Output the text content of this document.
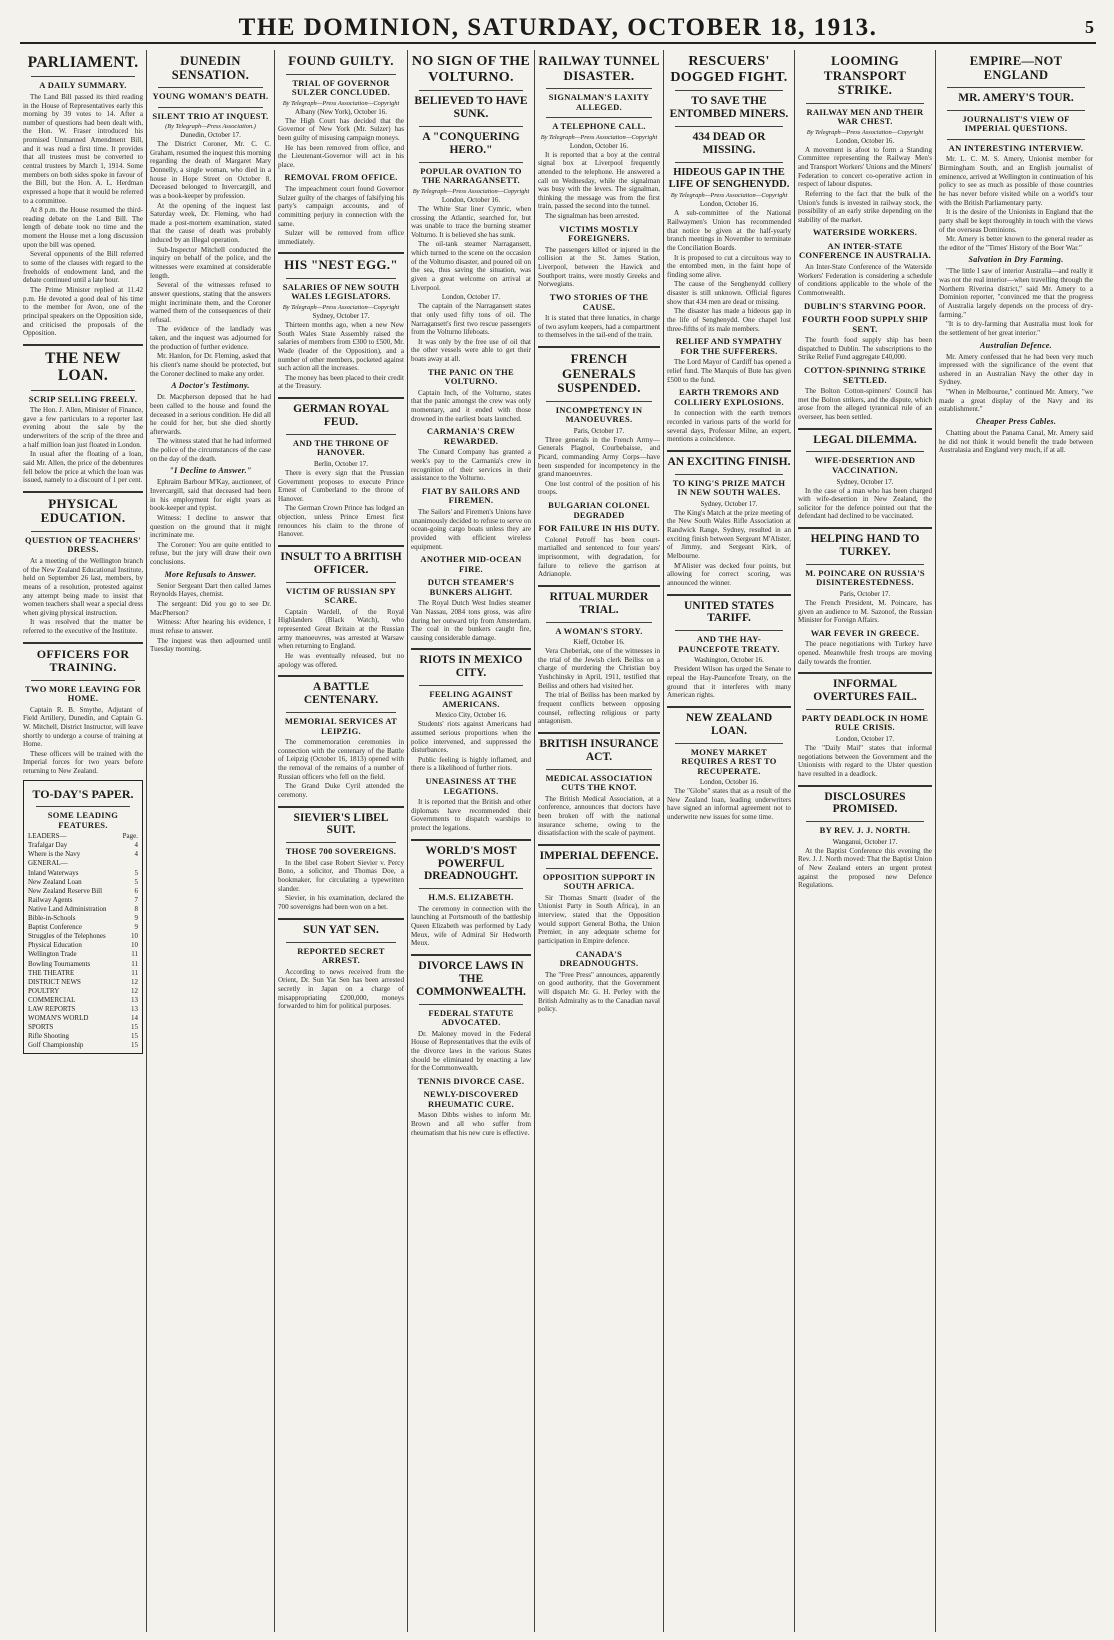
THE DOMINION, SATURDAY, OCTOBER 18, 1913.	5
PARLIAMENT.
A DAILY SUMMARY.
The Land Bill passed its third reading in the House of Representatives early this morning by 39 votes to 14. After a number of questions had been dealt with, the Hon. W. Fraser introduced his promised Unmanned Amendment Bill, and it was read a first time. It provides that all trustees must be converted to central trustees by March 1, 1914. Some members on both sides spoke in favour of the Bill, but the Hon. A. L. Herdman expressed a hope that it would be referred to a committee.
At 8 p.m. the House resumed the third-reading debate on the Land Bill. The length of debate took no time and the moment the House met a long discussion upon the bill was opened.
Several opponents of the Bill referred to some of the clauses with regard to the freeholds of endowment land, and the debate continued until a late hour.
The Prime Minister replied at 11.42 p.m. He devoted a good deal of his time to the member for Avon, one of the principal speakers on the Opposition side, and criticised the proposals of the Opposition.
THE NEW LOAN.
SCRIP SELLING FREELY.
The Hon. J. Allen, Minister of Finance, gave a few particulars to a reporter last evening about the sale by the underwriters of the scrip of the three and a half million loan just floated in London.
In usual after the floating of a loan, said Mr. Allen, the price of the debentures fell below the price at which the loan was issued, namely to a discount of 1 per cent.
PHYSICAL EDUCATION.
QUESTION OF TEACHERS' DRESS.
At a meeting of the Wellington branch of the New Zealand Educational Institute, held on September 26 last, members, by means of a resolution, protested against any attempt being made to insist that women teachers shall wear a special dress when giving physical instruction.
It was resolved that the matter be referred to the executive of the Institute.
OFFICERS FOR TRAINING.
TWO MORE LEAVING FOR HOME.
Captain R. B. Smythe, Adjutant of Field Artillery, Dunedin, and Captain G. W. Mitchell, District Instructor, will leave shortly to undergo a course of training at Home.
These officers will be trained with the Imperial forces for two years before returning to New Zealand.
TO-DAY'S PAPER.
SOME LEADING FEATURES.
LEADERS—	Page.
Trafalgar Day	4
Where is the Navy	4
GENERAL—
Inland Waterways	5
New Zealand Loan	5
New Zealand Reserve Bill	6
Railway Agents	7
Native Land Administration	8
Bible-in-Schools	9
Baptist Conference	9
Struggles of the Telephones	10
Physical Education	10
Wellington Trade	11
Bowling Tournaments	11
THE THEATRE	11
DISTRICT NEWS	12
POULTRY	12
COMMERCIAL	13
LAW REPORTS	13
WOMAN'S WORLD	14
SPORTS	15
Rifle Shooting	15
Golf Championship	15
DUNEDIN SENSATION.
YOUNG WOMAN'S DEATH.
SILENT TRIO AT INQUEST.
(By Telegraph—Press Association.)
Dunedin, October 17.
The District Coroner, Mr. C. C. Graham, resumed the inquest this morning regarding the death of Margaret Mary Donnelly, a single woman, who died in a house in Hope Street on October 8. Deceased belonged to Invercargill, and was a book-keeper by profession.
At the opening of the inquest last Saturday week, Dr. Fleming, who had made a post-mortem examination, stated that the cause of death was probably induced by an illegal operation.
Sub-Inspector Mitchell conducted the inquiry on behalf of the police, and the witnesses were examined at considerable length.
Several of the witnesses refused to answer questions, stating that the answers might incriminate them, and the Coroner warned them of the consequences of their refusal.
The evidence of the landlady was taken, and the inquest was adjourned for the production of further evidence.
Mr. Hanlon, for Dr. Fleming, asked that his client's name should be protected, but the Coroner declined to make any order.
A Doctor's Testimony.
Dr. Macpherson deposed that he had been called to the house and found the deceased in a serious condition. He did all he could for her, but she died shortly afterwards.
The witness stated that he had informed the police of the circumstances of the case on the day of the death.
"I Decline to Answer."
Ephraim Barbour M'Kay, auctioneer, of Invercargill, said that deceased had been in his employment for eight years as book-keeper and typist.
Witness: I decline to answer that question on the ground that it might incriminate me.
The Coroner: You are quite entitled to refuse, but the jury will draw their own conclusions.
More Refusals to Answer.
Senior Sergeant Dart then called James Reynolds Hayes, chemist.
The sergeant: Did you go to see Dr. MacPherson?
Witness: After hearing his evidence, I must refuse to answer.
The inquest was then adjourned until Tuesday morning.
FOUND GUILTY.
TRIAL OF GOVERNOR SULZER CONCLUDED.
By Telegraph—Press Association—Copyright
Albany (New York), October 16.
The High Court has decided that the Governor of New York (Mr. Sulzer) has been guilty of misusing campaign moneys.
He has been removed from office, and the Lieutenant-Governor will act in his place.
REMOVAL FROM OFFICE.
The impeachment court found Governor Sulzer guilty of the charges of falsifying his party's campaign accounts, and of committing perjury in connection with the same.
Sulzer will be removed from office immediately.
HIS "NEST EGG."
SALARIES OF NEW SOUTH WALES LEGISLATORS.
By Telegraph—Press Association—Copyright
Sydney, October 17.
Thirteen months ago, when a new New South Wales State Assembly raised the salaries of members from £300 to £500, Mr. Wade (leader of the Opposition), and a number of other members, pocketed against such action all the increases.
The money has been placed to their credit at the Treasury.
GERMAN ROYAL FEUD.
AND THE THRONE OF HANOVER.
Berlin, October 17.
There is every sign that the Prussian Government proposes to execute Prince Ernest of Cumberland to the throne of Hanover.
The German Crown Prince has lodged an objection, unless Prince Ernest first renounces his claim to the throne of Hanover.
INSULT TO A BRITISH OFFICER.
VICTIM OF RUSSIAN SPY SCARE.
Captain Wardell, of the Royal Highlanders (Black Watch), who represented Great Britain at the Russian army manoeuvres, was arrested at Warsaw when returning to England.
He was eventually released, but no apology was offered.
A BATTLE CENTENARY.
MEMORIAL SERVICES AT LEIPZIG.
The commemoration ceremonies in connection with the centenary of the Battle of Leipzig (October 16, 1813) opened with the removal of the remains of a number of Russian officers who fell on the field.
The Grand Duke Cyril attended the ceremony.
SIEVIER'S LIBEL SUIT.
THOSE 700 SOVEREIGNS.
In the libel case Robert Sievier v. Percy Bono, a solicitor, and Thomas Doe, a bookmaker, for circulating a typewritten slander.
Sievier, in his examination, declared the 700 sovereigns had been won on a bet.
SUN YAT SEN.
REPORTED SECRET ARREST.
According to news received from the Orient, Dr. Sun Yat Sen has been arrested secretly in Japan on a charge of misappropriating £200,000, moneys forwarded to him for political purposes.
NO SIGN OF THE VOLTURNO.
BELIEVED TO HAVE SUNK.
A "CONQUERING HERO."
POPULAR OVATION TO THE NARRAGANSETT.
By Telegraph—Press Association—Copyright
London, October 16.
The White Star liner Cymric, when crossing the Atlantic, searched for, but was unable to trace the burning steamer Volturno. It is believed she has sunk.
The oil-tank steamer Narragansett, which turned to the scene on the occasion of the Volturno disaster, and poured oil on the sea, thus saving the situation, was given a great welcome on arrival at Liverpool.
London, October 17.
The captain of the Narragansett states that only used fifty tons of oil. The Narragansett's first two rescue passengers from the Volturno lifeboats.
It was only by the free use of oil that the other vessels were able to get their boats away at all.
THE PANIC ON THE VOLTURNO.
Captain Inch, of the Volturno, states that the panic amongst the crew was only momentary, and it ended with those drowned in the earliest boats launched.
CARMANIA'S CREW REWARDED.
The Cunard Company has granted a week's pay to the Carmania's crew in recognition of their services in their assistance to the Volturno.
FIAT BY SAILORS AND FIREMEN.
The Sailors' and Firemen's Unions have unanimously decided to refuse to serve on ocean-going cargo boats unless they are provided with efficient wireless equipment.
ANOTHER MID-OCEAN FIRE.
DUTCH STEAMER'S BUNKERS ALIGHT.
The Royal Dutch West Indies steamer Van Nassau, 2084 tons gross, was afire during her outward trip from Amsterdam. The coal in the bunkers caught fire, causing considerable damage.
RIOTS IN MEXICO CITY.
FEELING AGAINST AMERICANS.
Mexico City, October 16.
Students' riots against Americans had assumed serious proportions when the police intervened, and suppressed the disturbances.
Public feeling is highly inflamed, and there is a likelihood of further riots.
UNEASINESS AT THE LEGATIONS.
It is reported that the British and other diplomats have recommended their Governments to dispatch warships to protect the legations.
WORLD'S MOST POWERFUL DREADNOUGHT.
H.M.S. ELIZABETH.
The ceremony in connection with the launching at Portsmouth of the battleship Queen Elizabeth was performed by Lady Meux, wife of Admiral Sir Hedworth Meux.
DIVORCE LAWS IN THE COMMONWEALTH.
FEDERAL STATUTE ADVOCATED.
Dr. Maloney moved in the Federal House of Representatives that the evils of the divorce laws in the various States should be eliminated by enacting a law for the Commonwealth.
TENNIS DIVORCE CASE.
NEWLY-DISCOVERED RHEUMATIC CURE.
Mason Dibbs wishes to inform Mr. Brown and all who suffer from rheumatism that his new cure is effective.
RAILWAY TUNNEL DISASTER.
SIGNALMAN'S LAXITY ALLEGED.
A TELEPHONE CALL.
By Telegraph—Press Association—Copyright
London, October 16.
It is reported that a boy at the central signal box at Liverpool frequently attended to the telephone. He answered a call on Wednesday, while the signalman was busy with the levers. The signalman, thinking the message was from the first train, passed the second into the tunnel.
The signalman has been arrested.
VICTIMS MOSTLY FOREIGNERS.
The passengers killed or injured in the collision at the St. James Station, Liverpool, between the Hawick and Southport trains, were mostly Greeks and Norwegians.
TWO STORIES OF THE CAUSE.
It is stated that three lunatics, in charge of two asylum keepers, had a compartment to themselves in the tail-end of the train.
FRENCH GENERALS SUSPENDED.
INCOMPETENCY IN MANOEUVRES.
Paris, October 17.
Three generals in the French Army—Generals Plagnol, Courbebaisse, and Picard, commanding Army Corps—have been suspended for incompetency in the grand manoeuvres.
One lost control of the position of his troops.
BULGARIAN COLONEL DEGRADED
FOR FAILURE IN HIS DUTY.
Colonel Petroff has been court-martialled and sentenced to four years' imprisonment, with degradation, for failure to relieve the garrison at Adrianople.
RITUAL MURDER TRIAL.
A WOMAN'S STORY.
Kieff, October 16.
Vera Cheberiak, one of the witnesses in the trial of the Jewish clerk Beiliss on a charge of murdering the Christian boy Yushchinsky in April, 1911, testified that Beiliss and others had visited her.
The trial of Beiliss has been marked by frequent conflicts between opposing counsel, reflecting religious or party antagonism.
BRITISH INSURANCE ACT.
MEDICAL ASSOCIATION CUTS THE KNOT.
The British Medical Association, at a conference, announces that doctors have been broken off with the national insurance scheme, owing to the dissatisfaction with the scale of payment.
IMPERIAL DEFENCE.
OPPOSITION SUPPORT IN SOUTH AFRICA.
Sir Thomas Smartt (leader of the Unionist Party in South Africa), in an interview, stated that the Opposition would support General Botha, the Union Premier, in any adequate scheme for participation in Empire defence.
CANADA'S DREADNOUGHTS.
The "Free Press" announces, apparently on good authority, that the Government will dispatch Mr. G. H. Perley with the British Admiralty as to the Canadian naval policy.
RESCUERS' DOGGED FIGHT.
TO SAVE THE ENTOMBED MINERS.
434 DEAD OR MISSING.
HIDEOUS GAP IN THE LIFE OF SENGHENYDD.
By Telegraph—Press Association—Copyright
London, October 16.
A sub-committee of the National Railwaymen's Union has recommended that notice be given at the half-yearly branch meetings in November to terminate the Conciliation Boards.
It is proposed to cut a circuitous way to the entombed men, in the faint hope of finding some alive.
The cause of the Senghenydd colliery disaster is still unknown. Official figures show that 434 men are dead or missing.
The disaster has made a hideous gap in the life of Senghenydd. One chapel lost three-fifths of its male members.
RELIEF AND SYMPATHY FOR THE SUFFERERS.
The Lord Mayor of Cardiff has opened a relief fund. The Marquis of Bute has given £500 to the fund.
EARTH TREMORS AND COLLIERY EXPLOSIONS.
In connection with the earth tremors recorded in various parts of the world for several days, Professor Milne, an expert, mentions a coincidence.
AN EXCITING FINISH.
TO KING'S PRIZE MATCH IN NEW SOUTH WALES.
Sydney, October 17.
The King's Match at the prize meeting of the New South Wales Rifle Association at Randwick Range, Sydney, resulted in an exciting finish between Sergeant M'Alister, of Jimmy, and Sergeant Kirk, of Melbourne.
M'Alister was decked four points, but allowing for correct scoring, was announced the winner.
UNITED STATES TARIFF.
AND THE HAY-PAUNCEFOTE TREATY.
Washington, October 16.
President Wilson has urged the Senate to repeal the Hay-Pauncefote Treaty, on the ground that it interferes with many American rights.
NEW ZEALAND LOAN.
MONEY MARKET REQUIRES A REST TO RECUPERATE.
London, October 16.
The "Globe" states that as a result of the New Zealand loan, leading underwriters have signed an informal agreement not to underwrite new issues for some time.
LOOMING TRANSPORT STRIKE.
RAILWAY MEN AND THEIR WAR CHEST.
By Telegraph—Press Association—Copyright
London, October 16.
A movement is afoot to form a Standing Committee representing the Railway Men's and Transport Workers' Unions and the Miners' Federation to concert co-operative action in respect of labour disputes.
Referring to the fact that the bulk of the Union's funds is invested in railway stock, the possibility of an early strike depending on the stability of the market.
WATERSIDE WORKERS.
AN INTER-STATE CONFERENCE IN AUSTRALIA.
An Inter-State Conference of the Waterside Workers' Federation is considering a schedule of conditions applicable to the whole of the Commonwealth.
DUBLIN'S STARVING POOR.
FOURTH FOOD SUPPLY SHIP SENT.
The fourth food supply ship has been dispatched to Dublin. The subscriptions to the Strike Relief Fund aggregate £40,000.
COTTON-SPINNING STRIKE SETTLED.
The Bolton Cotton-spinners' Council has met the Bolton strikers, and the dispute, which arose from the alleged tyrannical rule of an overseer, has been settled.
LEGAL DILEMMA.
WIFE-DESERTION AND VACCINATION.
Sydney, October 17.
In the case of a man who has been charged with wife-desertion in New Zealand, the solicitor for the defence pointed out that the defendant had declined to be vaccinated.
HELPING HAND TO TURKEY.
M. POINCARE ON RUSSIA'S DISINTERESTEDNESS.
Paris, October 17.
The French President, M. Poincare, has given an audience to M. Sazonof, the Russian Minister for Foreign Affairs.
WAR FEVER IN GREECE.
The peace negotiations with Turkey have opened. Meanwhile fresh troops are moving daily towards the frontier.
INFORMAL OVERTURES FAIL.
PARTY DEADLOCK IN HOME RULE CRISIS.
London, October 17.
The "Daily Mail" states that informal negotiations between the Government and the Unionists with regard to the Ulster question have resulted in a deadlock.
DISCLOSURES PROMISED.
BY REV. J. J. NORTH.
Wanganui, October 17.
At the Baptist Conference this evening the Rev. J. J. North moved: That the Baptist Union of New Zealand enters an urgent protest against the proposed new Defence Regulations.
EMPIRE—NOT ENGLAND
MR. AMERY'S TOUR.
JOURNALIST'S VIEW OF IMPERIAL QUESTIONS.
AN INTERESTING INTERVIEW.
Mr. L. C. M. S. Amery, Unionist member for Birmingham South, and an English journalist of eminence, arrived at Wellington in continuation of his policy to see as much as possible of those countries he has never before visited while on a world's tour with the British Parliamentary party.
It is the desire of the Unionists in England that the party shall be kept thoroughly in touch with the views of the overseas Dominions.
Mr. Amery is better known to the general reader as the editor of the "Times' History of the Boer War."
Salvation in Dry Farming.
"The little I saw of interior Australia—and really it was not the real interior—when travelling through the Northern Riverina district," said Mr. Amery to a Dominion reporter, "convinced me that the progress of Australia largely depends on the process of dry-farming."
"It is to dry-farming that Australia must look for the settlement of her great interior."
Australian Defence.
Mr. Amery confessed that he had been very much impressed with the significance of the event that ushered in an Australian Navy the other day in Sydney.
"When in Melbourne," continued Mr. Amery, "we made a great display of the Navy and its establishment."
Cheaper Press Cables.
Chatting about the Panama Canal, Mr. Amery said he did not think it would benefit the trade between Australasia and England very much, if at all.
